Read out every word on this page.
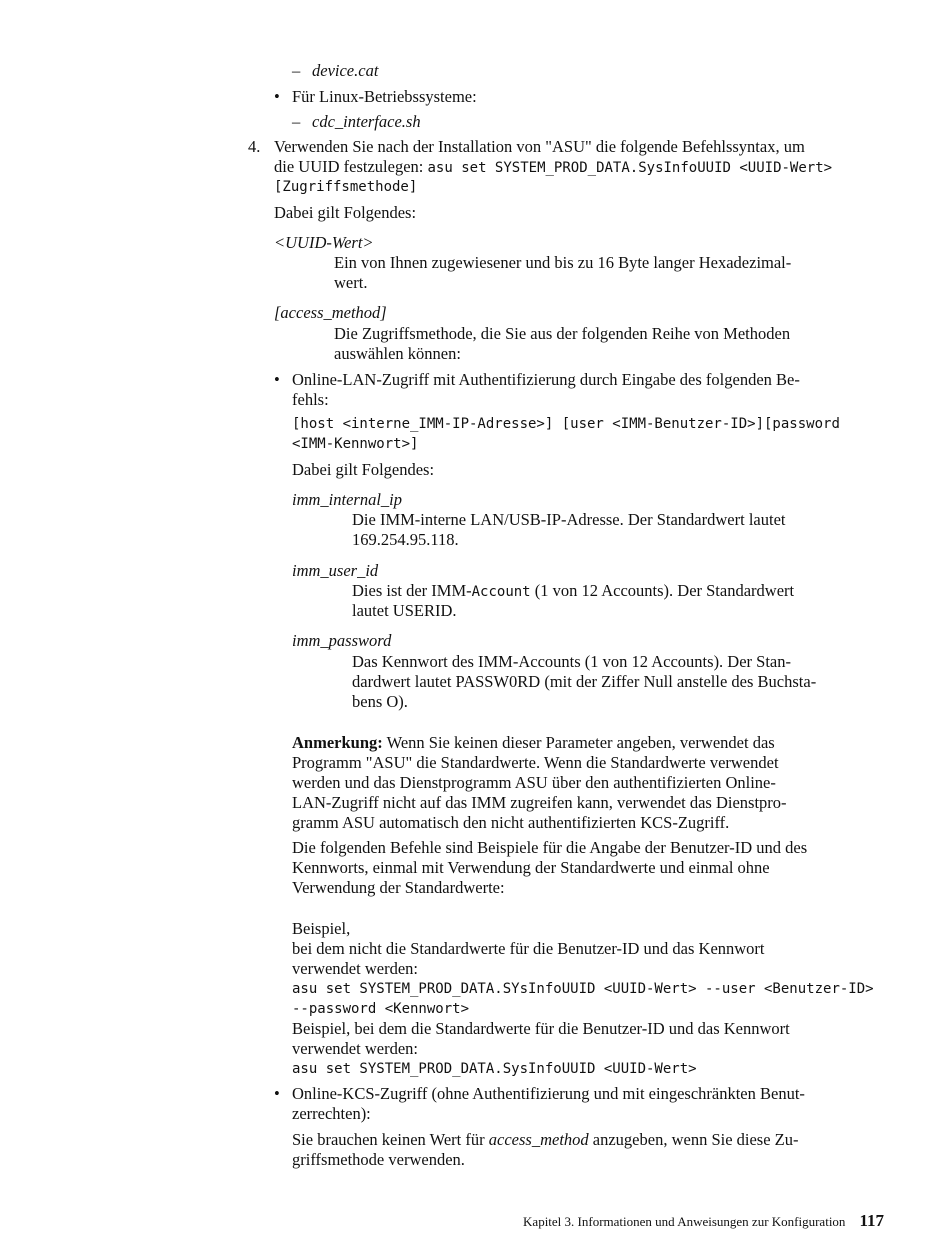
– device.cat
• Für Linux-Betriebssysteme:
– cdc_interface.sh
4. Verwenden Sie nach der Installation von "ASU" die folgende Befehlssyntax, um
die UUID festzulegen: asu set SYSTEM_PROD_DATA.SysInfoUUID <UUID-Wert>
[Zugriffsmethode]
Dabei gilt Folgendes:
<UUID-Wert>
Ein von Ihnen zugewiesener und bis zu 16 Byte langer Hexadezimal-
wert.
[access_method]
Die Zugriffsmethode, die Sie aus der folgenden Reihe von Methoden
auswählen können:
• Online-LAN-Zugriff mit Authentifizierung durch Eingabe des folgenden Be-
fehls:
[host <interne_IMM-IP-Adresse>] [user <IMM-Benutzer-ID>][password
<IMM-Kennwort>]
Dabei gilt Folgendes:
imm_internal_ip
Die IMM-interne LAN/USB-IP-Adresse. Der Standardwert lautet
169.254.95.118.
imm_user_id
Dies ist der IMM-Account (1 von 12 Accounts). Der Standardwert
lautet USERID.
imm_password
Das Kennwort des IMM-Accounts (1 von 12 Accounts). Der Stan-
dardwert lautet PASSW0RD (mit der Ziffer Null anstelle des Buchsta-
bens O).
Anmerkung: Wenn Sie keinen dieser Parameter angeben, verwendet das
Programm "ASU" die Standardwerte. Wenn die Standardwerte verwendet
werden und das Dienstprogramm ASU über den authentifizierten Online-
LAN-Zugriff nicht auf das IMM zugreifen kann, verwendet das Dienstpro-
gramm ASU automatisch den nicht authentifizierten KCS-Zugriff.
Die folgenden Befehle sind Beispiele für die Angabe der Benutzer-ID und des
Kennworts, einmal mit Verwendung der Standardwerte und einmal ohne
Verwendung der Standardwerte:
Beispiel,
bei dem nicht die Standardwerte für die Benutzer-ID und das Kennwort
verwendet werden:
asu set SYSTEM_PROD_DATA.SYsInfoUUID <UUID-Wert> --user <Benutzer-ID>
--password <Kennwort>
Beispiel, bei dem die Standardwerte für die Benutzer-ID und das Kennwort
verwendet werden:
asu set SYSTEM_PROD_DATA.SysInfoUUID <UUID-Wert>
• Online-KCS-Zugriff (ohne Authentifizierung und mit eingeschränkten Benut-
zerrechten):
Sie brauchen keinen Wert für access_method anzugeben, wenn Sie diese Zu-
griffsmethode verwenden.
Kapitel 3. Informationen und Anweisungen zur Konfiguration 117
